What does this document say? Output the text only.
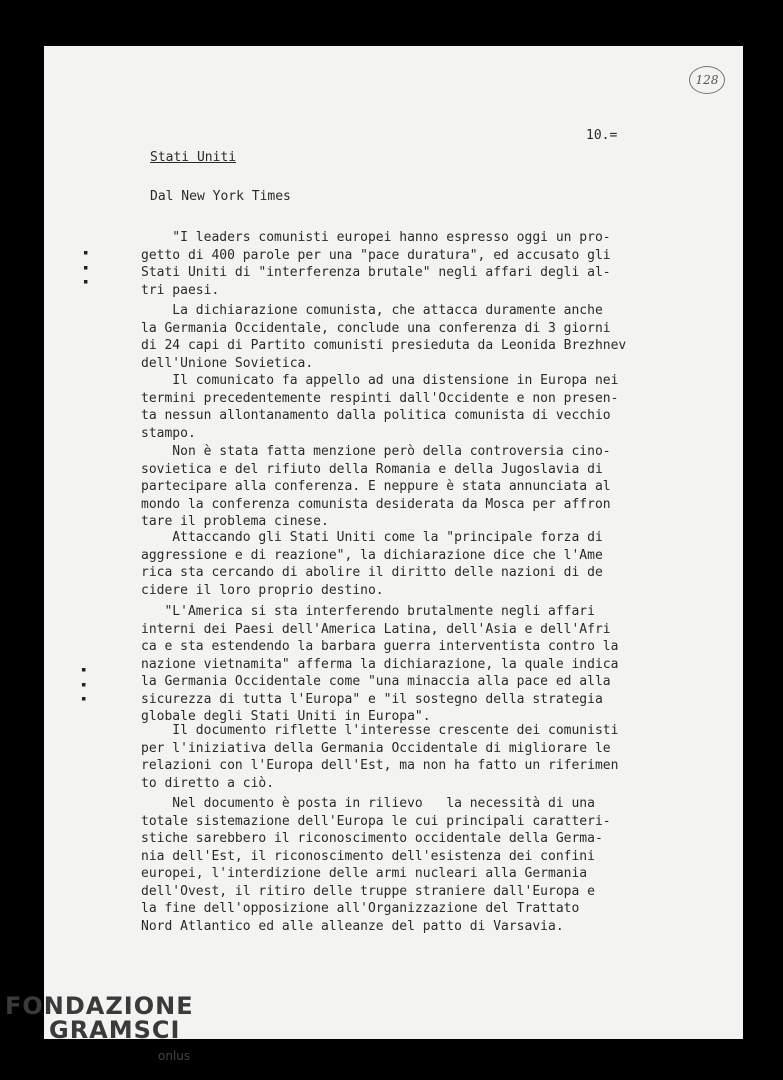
128
10.=
Stati Uniti
Dal New York Times
"I leaders comunisti europei hanno espresso oggi un pro-
getto di 400 parole per una "pace duratura", ed accusato gli
Stati Uniti di "interferenza brutale" negli affari degli al-
tri paesi.
La dichiarazione comunista, che attacca duramente anche
la Germania Occidentale, conclude una conferenza di 3 giorni
di 24 capi di Partito comunisti presieduta da Leonida Brezhnev
dell'Unione Sovietica.
Il comunicato fa appello ad una distensione in Europa nei
termini precedentemente respinti dall'Occidente e non presen-
ta nessun allontanamento dalla politica comunista di vecchio
stampo.
Non è stata fatta menzione però della controversia cino-
sovietica e del rifiuto della Romania e della Jugoslavia di
partecipare alla conferenza. E neppure è stata annunciata al
mondo la conferenza comunista desiderata da Mosca per affron
tare il problema cinese.
Attaccando gli Stati Uniti come la "principale forza di
aggressione e di reazione", la dichiarazione dice che l'Ame
rica sta cercando di abolire il diritto delle nazioni di de
cidere il loro proprio destino.
"L'America si sta interferendo brutalmente negli affari
interni dei Paesi dell'America Latina, dell'Asia e dell'Afri
ca e sta estendendo la barbara guerra interventista contro la
nazione vietnamita" afferma la dichiarazione, la quale indica
la Germania Occidentale come "una minaccia alla pace ed alla
sicurezza di tutta l'Europa" e "il sostegno della strategia
globale degli Stati Uniti in Europa".
Il documento riflette l'interesse crescente dei comunisti
per l'iniziativa della Germania Occidentale di migliorare le
relazioni con l'Europa dell'Est, ma non ha fatto un riferimen
to diretto a ciò.
Nel documento è posta in rilievo   la necessità di una
totale sistemazione dell'Europa le cui principali caratteri-
stiche sarebbero il riconoscimento occidentale della Germa-
nia dell'Est, il riconoscimento dell'esistenza dei confini
europei, l'interdizione delle armi nucleari alla Germania
dell'Ovest, il ritiro delle truppe straniere dall'Europa e
la fine dell'opposizione all'Organizzazione del Trattato
Nord Atlantico ed alle alleanze del patto di Varsavia.
▪
▪
▪
▪
▪
▪
FONDAZIONE
GRAMSCI
onlus
